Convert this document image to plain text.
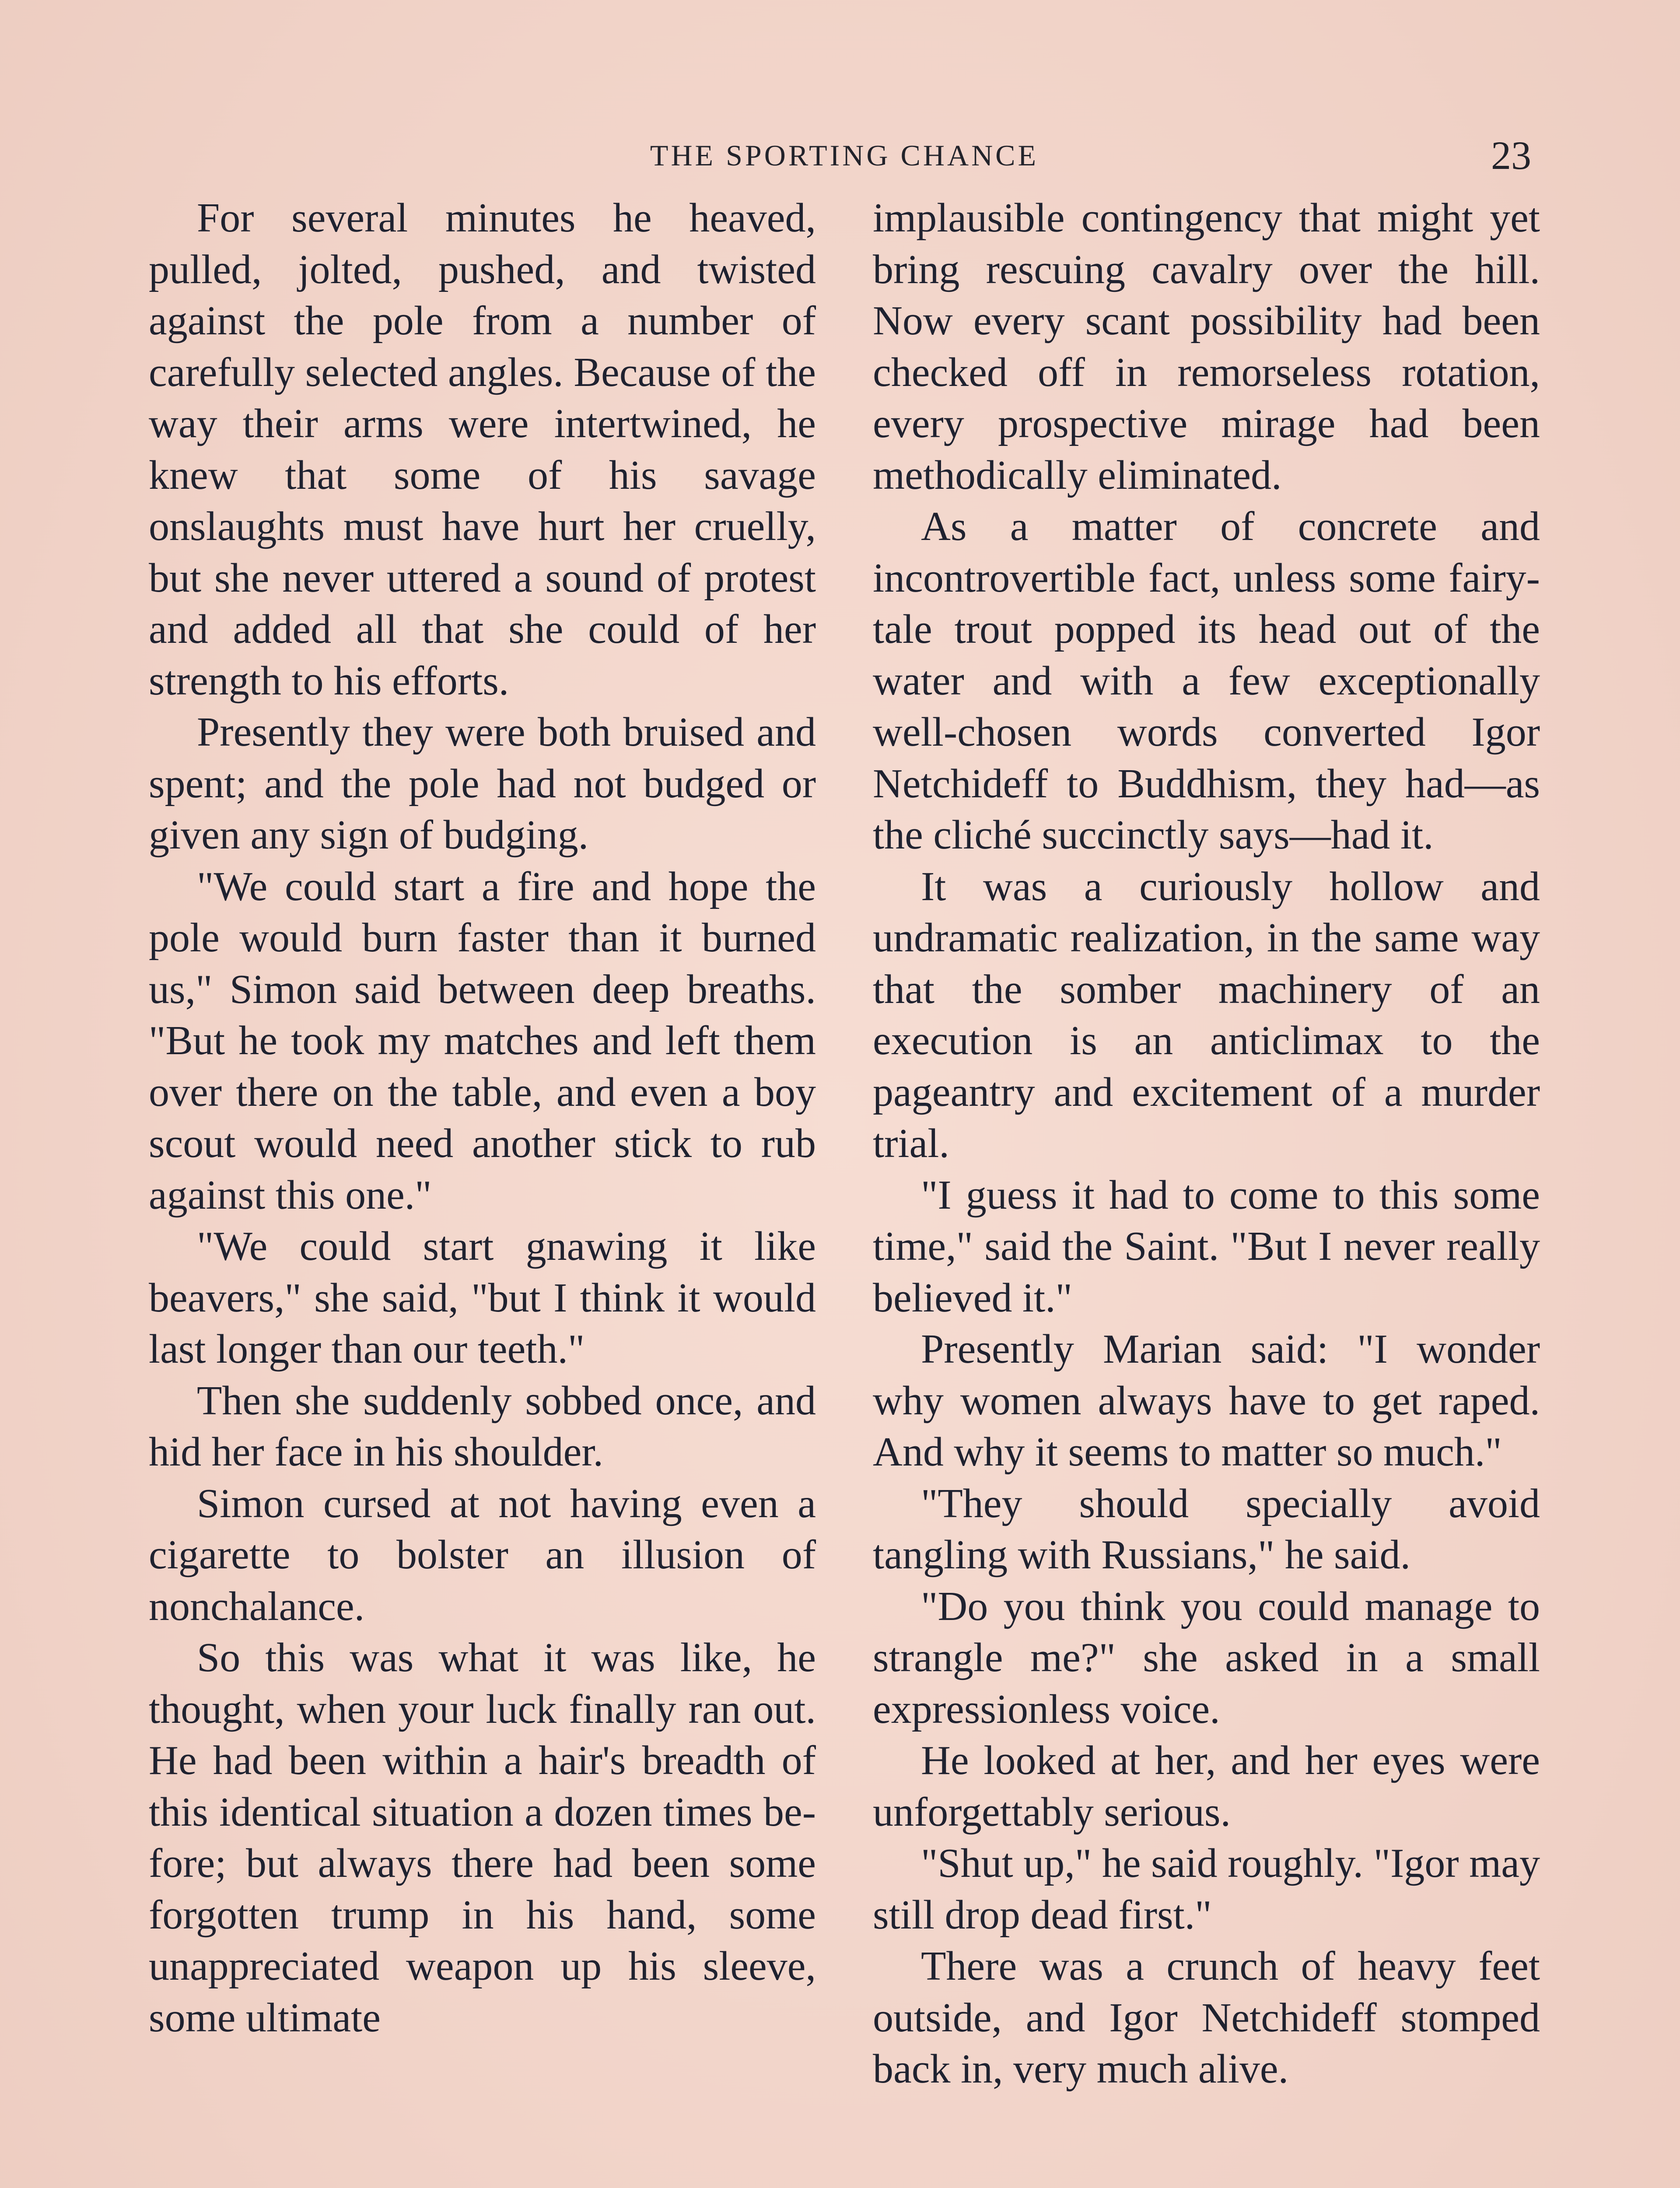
THE SPORTING CHANCE	23

For several minutes he heaved, pulled, jolted, pushed, and twisted against the pole from a number of carefully selected angles. Because of the way their arms were intertwined, he knew that some of his savage onslaughts must have hurt her cruelly, but she never uttered a sound of protest and added all that she could of her strength to his efforts.

Presently they were both bruised and spent; and the pole had not budged or given any sign of budging.

"We could start a fire and hope the pole would burn faster than it burned us," Simon said between deep breaths. "But he took my matches and left them over there on the table, and even a boy scout would need another stick to rub against this one."

"We could start gnawing it like beavers," she said, "but I think it would last longer than our teeth."

Then she suddenly sobbed once, and hid her face in his shoulder.

Simon cursed at not having even a cigarette to bolster an illusion of nonchalance.

So this was what it was like, he thought, when your luck finally ran out. He had been within a hair's breadth of this identical situation a dozen times before; but always there had been some forgotten trump in his hand, some unappreciated weapon up his sleeve, some ultimate

implausible contingency that might yet bring rescuing cavalry over the hill. Now every scant possibility had been checked off in remorseless rotation, every prospective mirage had been methodically eliminated.

As a matter of concrete and incontrovertible fact, unless some fairy-tale trout popped its head out of the water and with a few exceptionally well-chosen words converted Igor Netchideff to Buddhism, they had—as the cliché succinctly says—had it.

It was a curiously hollow and undramatic realization, in the same way that the somber machinery of an execution is an anticlimax to the pageantry and excitement of a murder trial.

"I guess it had to come to this some time," said the Saint. "But I never really believed it."

Presently Marian said: "I wonder why women always have to get raped. And why it seems to matter so much."

"They should specially avoid tangling with Russians," he said.

"Do you think you could manage to strangle me?" she asked in a small expressionless voice.

He looked at her, and her eyes were unforgettably serious.

"Shut up," he said roughly. "Igor may still drop dead first."

There was a crunch of heavy feet outside, and Igor Netchideff stomped back in, very much alive.
